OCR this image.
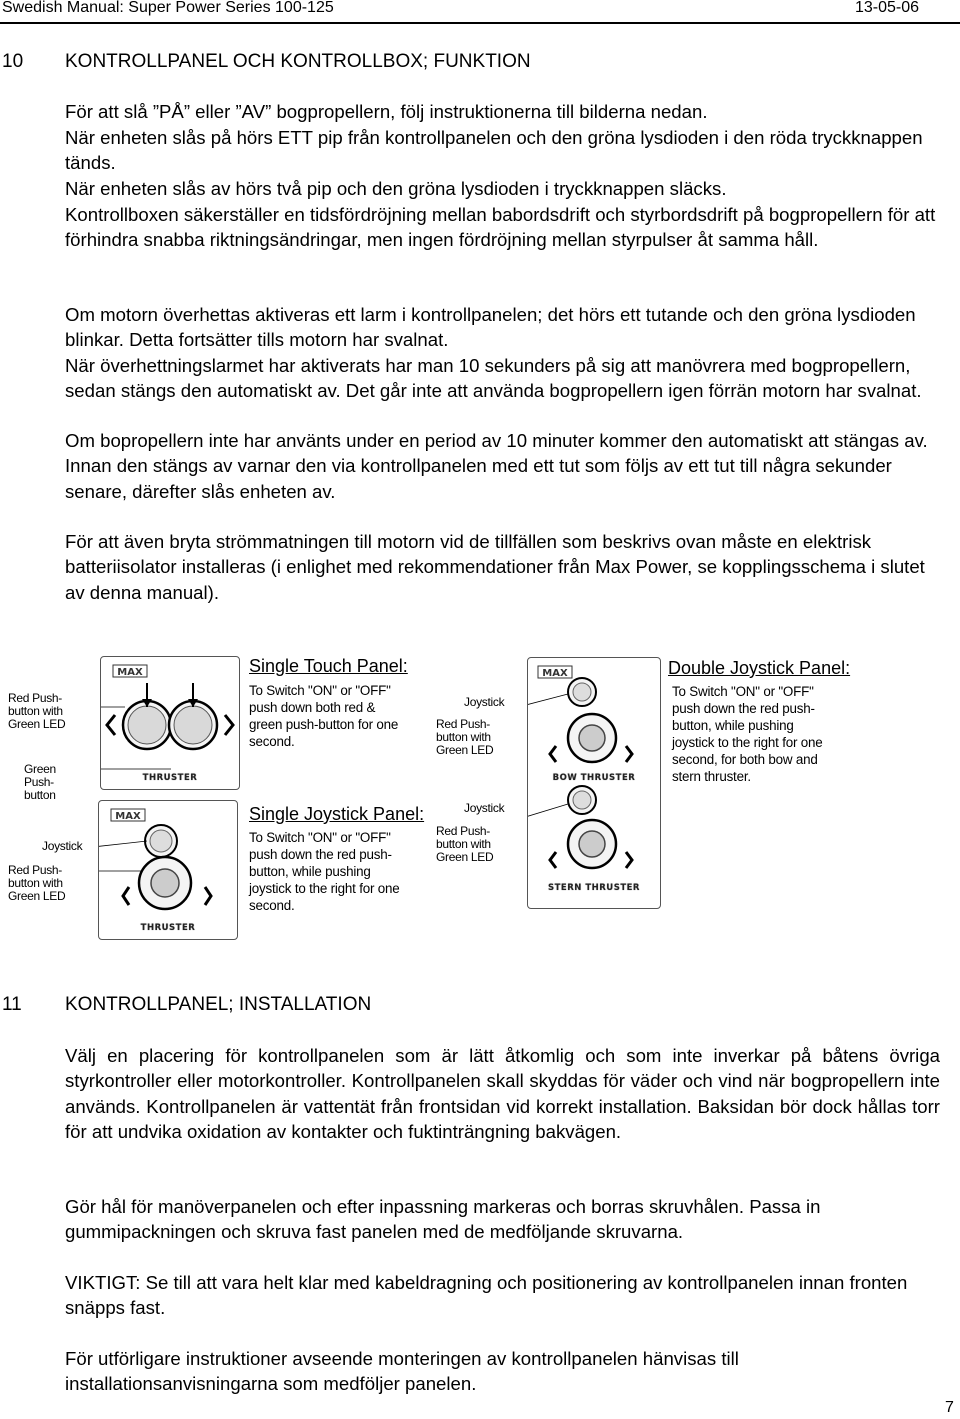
Swedish Manual: Super Power Series 100-125	13-05-06
10 KONTROLLPANEL OCH KONTROLLBOX; FUNKTION
För att slå ”PÅ” eller ”AV” bogpropellern, följ instruktionerna till bilderna nedan.
När enheten slås på hörs ETT pip från kontrollpanelen och den gröna lysdioden i den röda tryckknappen tänds.
När enheten slås av hörs två pip och den gröna lysdioden i tryckknappen släcks.
Kontrollboxen säkerställer en tidsfördröjning mellan babordsdrift och styrbordsdrift på bogpropellern för att förhindra snabba riktningsändringar, men ingen fördröjning mellan styrpulser åt samma håll.
Om motorn överhettas aktiveras ett larm i kontrollpanelen; det hörs ett tutande och den gröna lysdioden blinkar. Detta fortsätter tills motorn har svalnat.
När överhettningslarmet har aktiverats har man 10 sekunders på sig att manövrera med bogpropellern, sedan stängs den automatiskt av. Det går inte att använda bogpropellern igen förrän motorn har svalnat.
Om bopropellern inte har använts under en period av 10 minuter kommer den automatiskt att stängas av. Innan den stängs av varnar den via kontrollpanelen med ett tut som följs av ett tut till några sekunder senare, därefter slås enheten av.
För att även bryta strömmatningen till motorn vid de tillfällen som beskrivs ovan måste en elektrisk batteriisolator installeras (i enlighet med rekommendationer från Max Power, se kopplingsschema i slutet av denna manual).
Red Push-button with Green LED
Green Push-button
MAX
THRUSTER
Single Touch Panel:
To Switch "ON" or "OFF" push down both red & green push-button for one second.
Joystick
Red Push-button with Green LED
MAX
THRUSTER
Single Joystick Panel:
To Switch "ON" or "OFF" push down the red push-button, while pushing joystick to the right for one second.
Joystick
Red Push-button with Green LED
Joystick
Red Push-button with Green LED
MAX
BOW THRUSTER
STERN THRUSTER
Double Joystick Panel:
To Switch "ON" or "OFF" push down the red push-button, while pushing joystick to the right for one second, for both bow and stern thruster.
11 KONTROLLPANEL; INSTALLATION
Välj en placering för kontrollpanelen som är lätt åtkomlig och som inte inverkar på båtens övriga styrkontroller eller motorkontroller. Kontrollpanelen skall skyddas för väder och vind när bogpropellern inte används. Kontrollpanelen är vattentät från frontsidan vid korrekt installation. Baksidan bör dock hållas torr för att undvika oxidation av kontakter och fuktinträngning bakvägen.
Gör hål för manöverpanelen och efter inpassning markeras och borras skruvhålen. Passa in gummipackningen och skruva fast panelen med de medföljande skruvarna.
VIKTIGT: Se till att vara helt klar med kabeldragning och positionering av kontrollpanelen innan fronten snäpps fast.
För utförligare instruktioner avseende monteringen av kontrollpanelen hänvisas till installationsanvisningarna som medföljer panelen.
7
